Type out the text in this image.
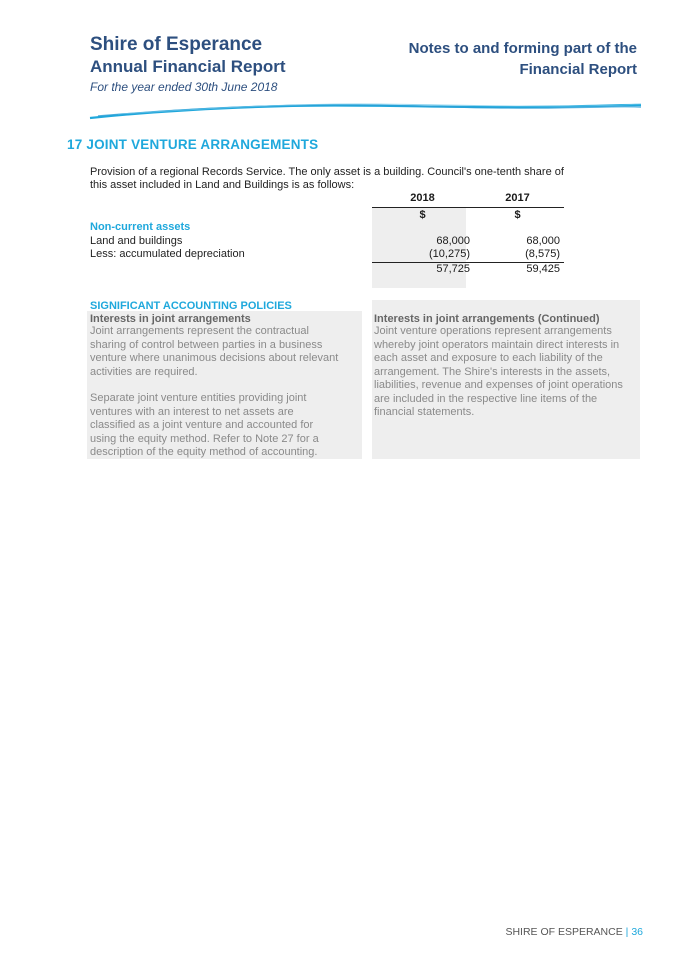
Shire of Esperance
Annual Financial Report
For the year ended 30th June 2018
Notes to and forming part of the
Financial Report
17 JOINT VENTURE ARRANGEMENTS
Provision of a regional Records Service. The only asset is a building. Council's one-tenth share of
this asset included in Land and Buildings is as follows:
2018	2017
$	$
Non-current assets
Land and buildings	68,000	68,000
Less: accumulated depreciation	(10,275)	(8,575)
57,725	59,425
SIGNIFICANT ACCOUNTING POLICIES
Interests in joint arrangements
Joint arrangements represent the contractual
sharing of control between parties in a business
venture where unanimous decisions about relevant
activities are required.
Separate joint venture entities providing joint
ventures with an interest to net assets are
classified as a joint venture and accounted for
using the equity method. Refer to Note 27 for a
description of the equity method of accounting.
Interests in joint arrangements (Continued)
Joint venture operations represent arrangements
whereby joint operators maintain direct interests in
each asset and exposure to each liability of the
arrangement. The Shire's interests in the assets,
liabilities, revenue and expenses of joint operations
are included in the respective line items of the
financial statements.
SHIRE OF ESPERANCE | 36
